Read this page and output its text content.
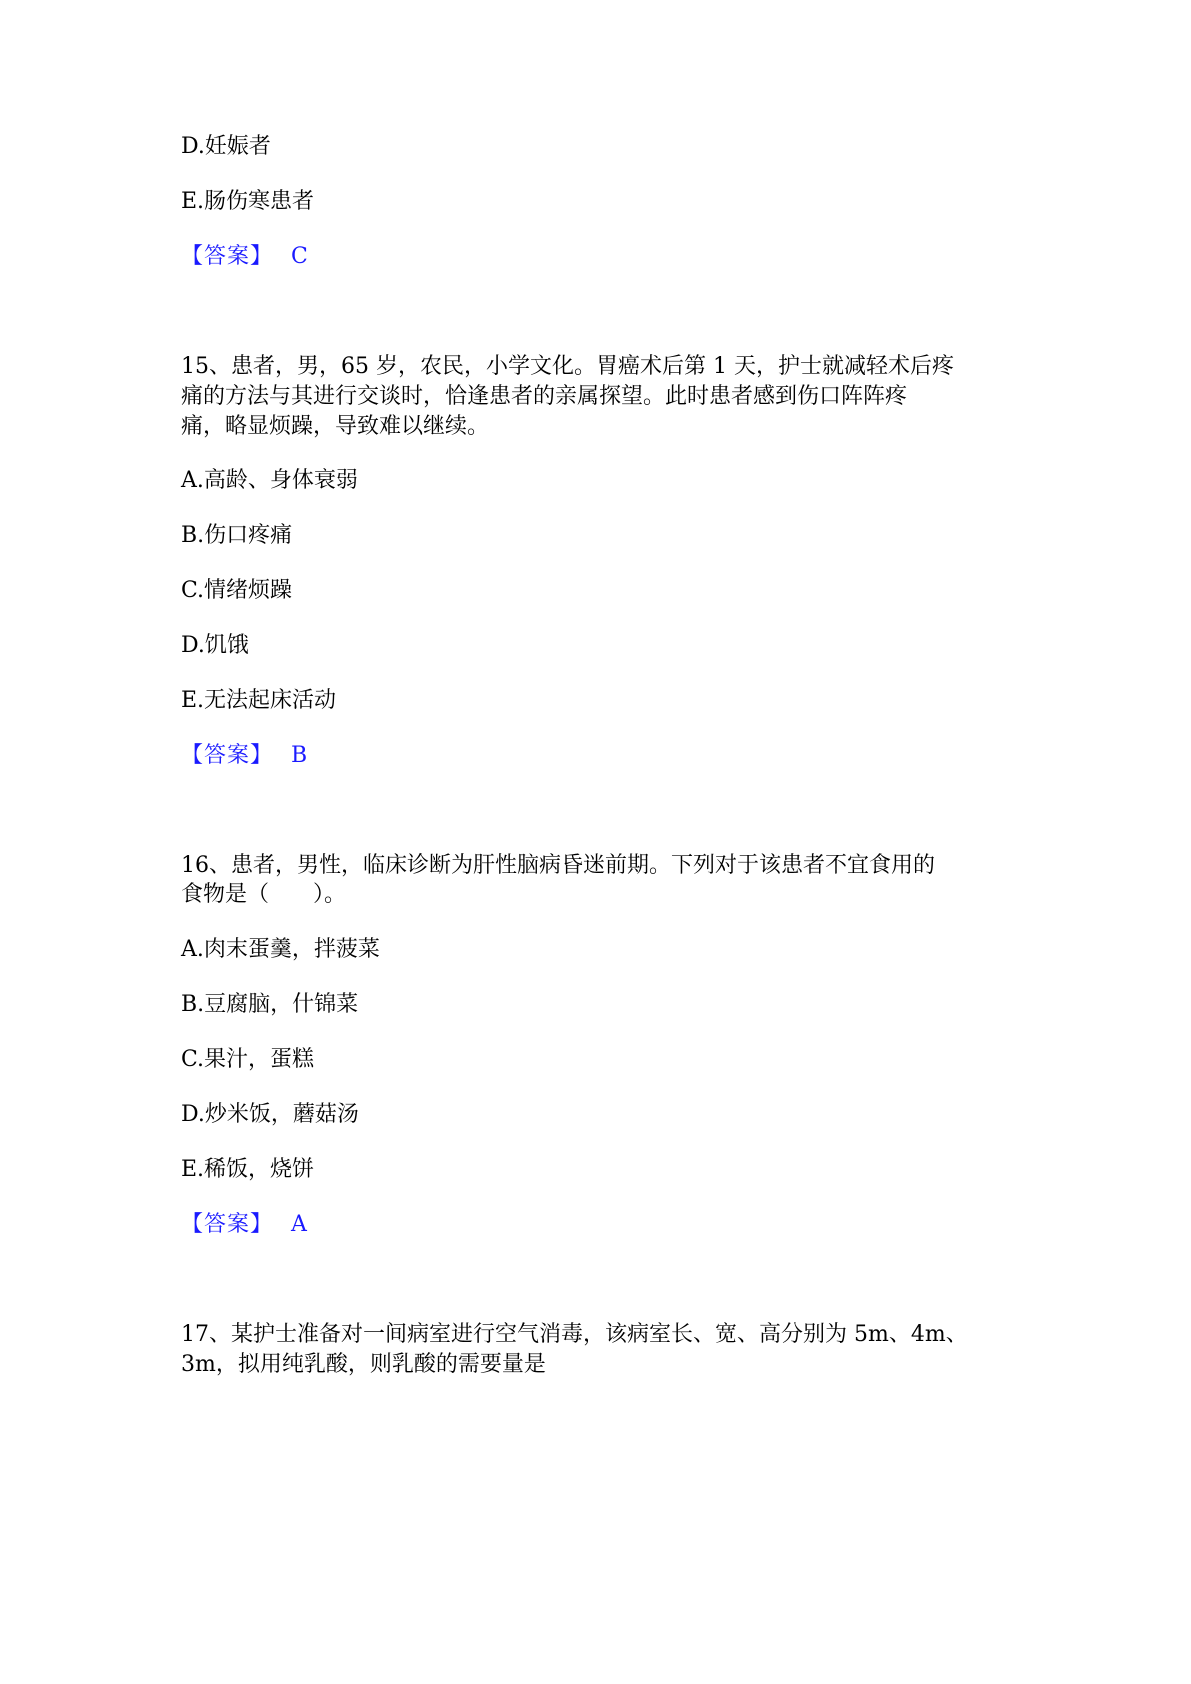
D.妊娠者
E.肠伤寒患者
【答案】 C
15、患者，男，65 岁，农民，小学文化。胃癌术后第 1 天，护士就减轻术后疼
痛的方法与其进行交谈时，恰逢患者的亲属探望。此时患者感到伤口阵阵疼
痛，略显烦躁，导致难以继续。
A.高龄、身体衰弱
B.伤口疼痛
C.情绪烦躁
D.饥饿
E.无法起床活动
【答案】 B
16、患者，男性，临床诊断为肝性脑病昏迷前期。下列对于该患者不宜食用的
食物是（　　）。
A.肉末蛋羹，拌菠菜
B.豆腐脑，什锦菜
C.果汁，蛋糕
D.炒米饭，蘑菇汤
E.稀饭，烧饼
【答案】 A
17、某护士准备对一间病室进行空气消毒，该病室长、宽、高分别为 5m、4m、
3m，拟用纯乳酸，则乳酸的需要量是
